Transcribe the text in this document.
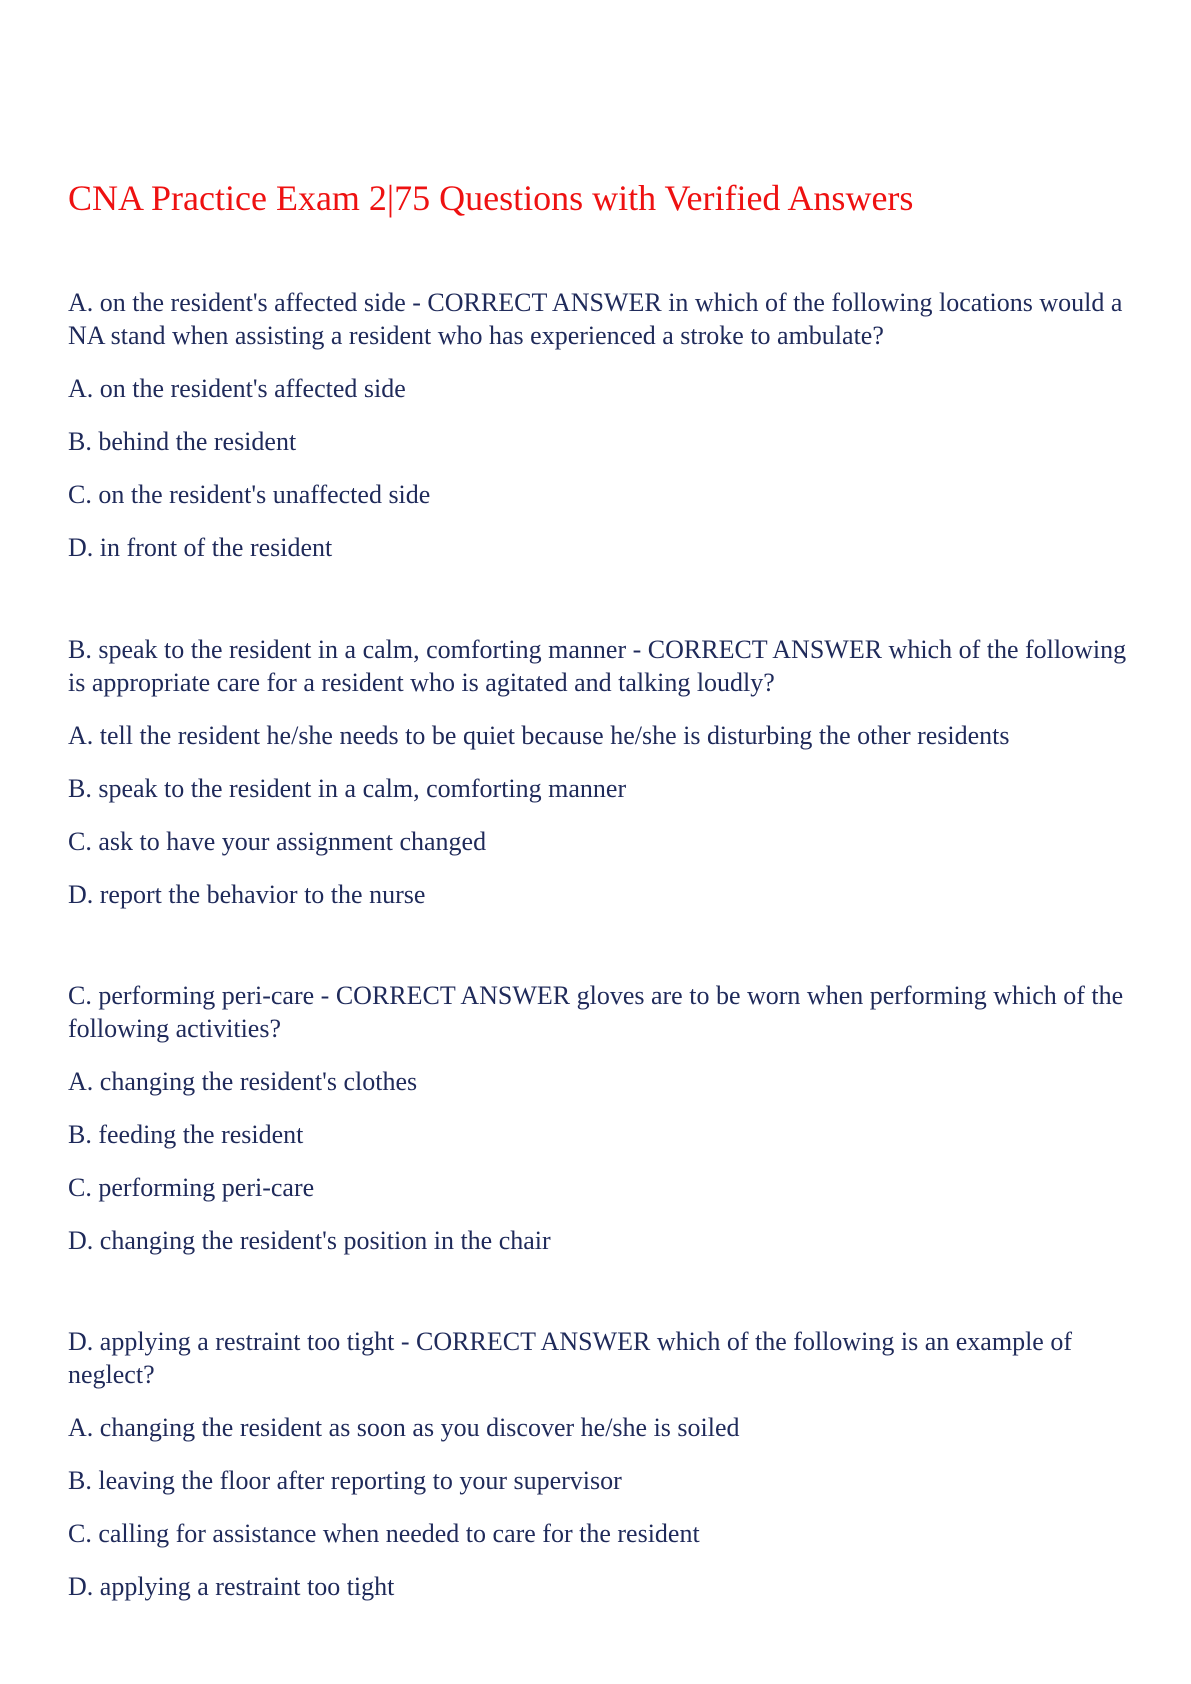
CNA Practice Exam 2|75 Questions with Verified Answers

A. on the resident's affected side - CORRECT ANSWER in which of the following locations would a NA stand when assisting a resident who has experienced a stroke to ambulate?

A. on the resident's affected side

B. behind the resident

C. on the resident's unaffected side

D. in front of the resident

B. speak to the resident in a calm, comforting manner - CORRECT ANSWER which of the following is appropriate care for a resident who is agitated and talking loudly?

A. tell the resident he/she needs to be quiet because he/she is disturbing the other residents

B. speak to the resident in a calm, comforting manner

C. ask to have your assignment changed

D. report the behavior to the nurse

C. performing peri-care - CORRECT ANSWER gloves are to be worn when performing which of the following activities?

A. changing the resident's clothes

B. feeding the resident

C. performing peri-care

D. changing the resident's position in the chair

D. applying a restraint too tight - CORRECT ANSWER which of the following is an example of neglect?

A. changing the resident as soon as you discover he/she is soiled

B. leaving the floor after reporting to your supervisor

C. calling for assistance when needed to care for the resident

D. applying a restraint too tight
